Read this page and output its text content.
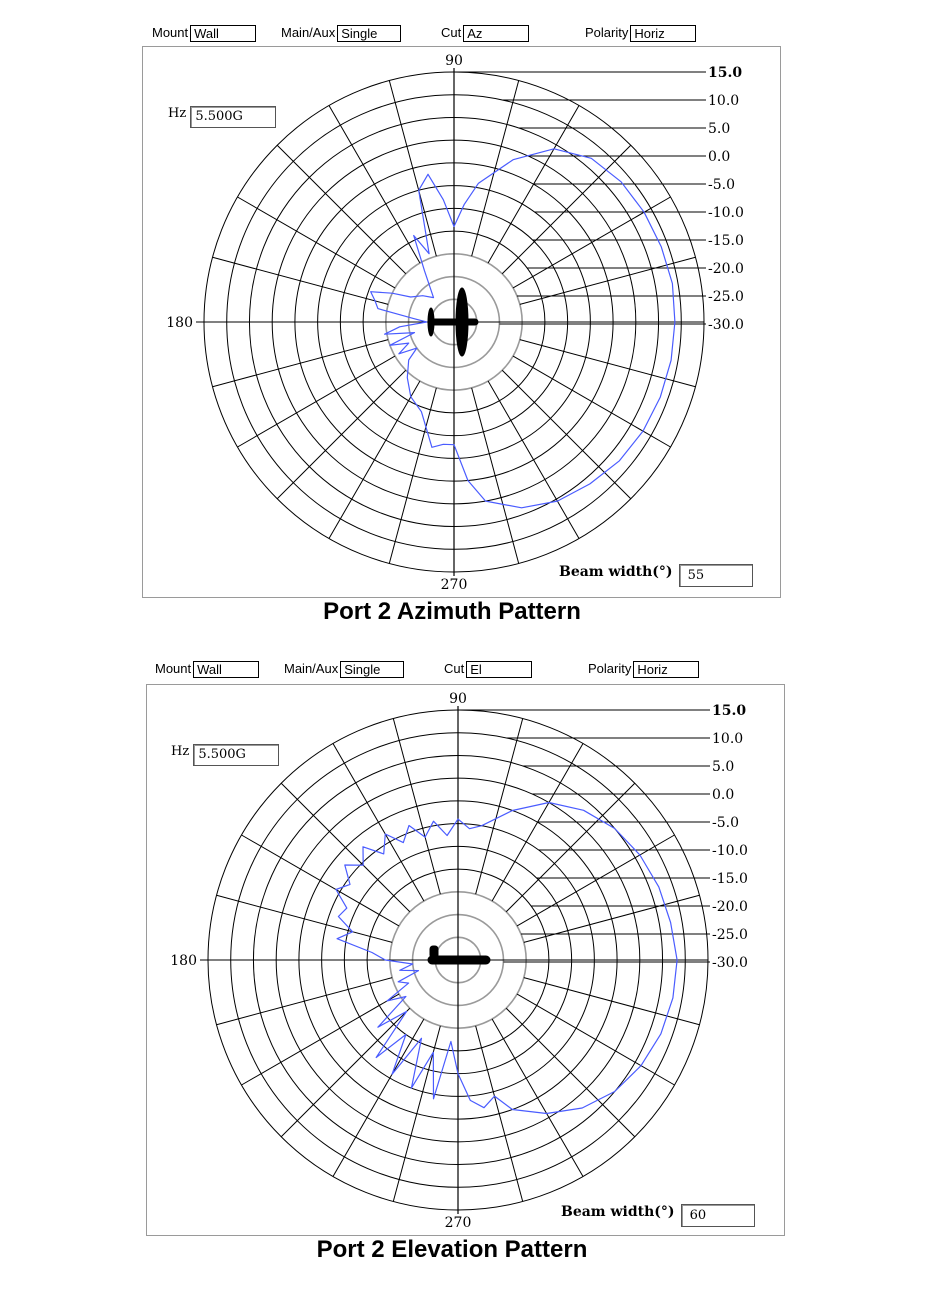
Mount Wall	Main/Aux Single	Cut Az	Polarity Horiz
15.0
10.0
5.0
0.0
-5.0
-10.0
-15.0
-20.0
-25.0
-30.0
90
180
270
Hz 5.500G
Beam width(°) 55
Port 2 Azimuth Pattern
Mount Wall	Main/Aux Single	Cut El	Polarity Horiz
15.0
10.0
5.0
0.0
-5.0
-10.0
-15.0
-20.0
-25.0
-30.0
90
180
270
Hz 5.500G
Beam width(°) 60
Port 2 Elevation Pattern
